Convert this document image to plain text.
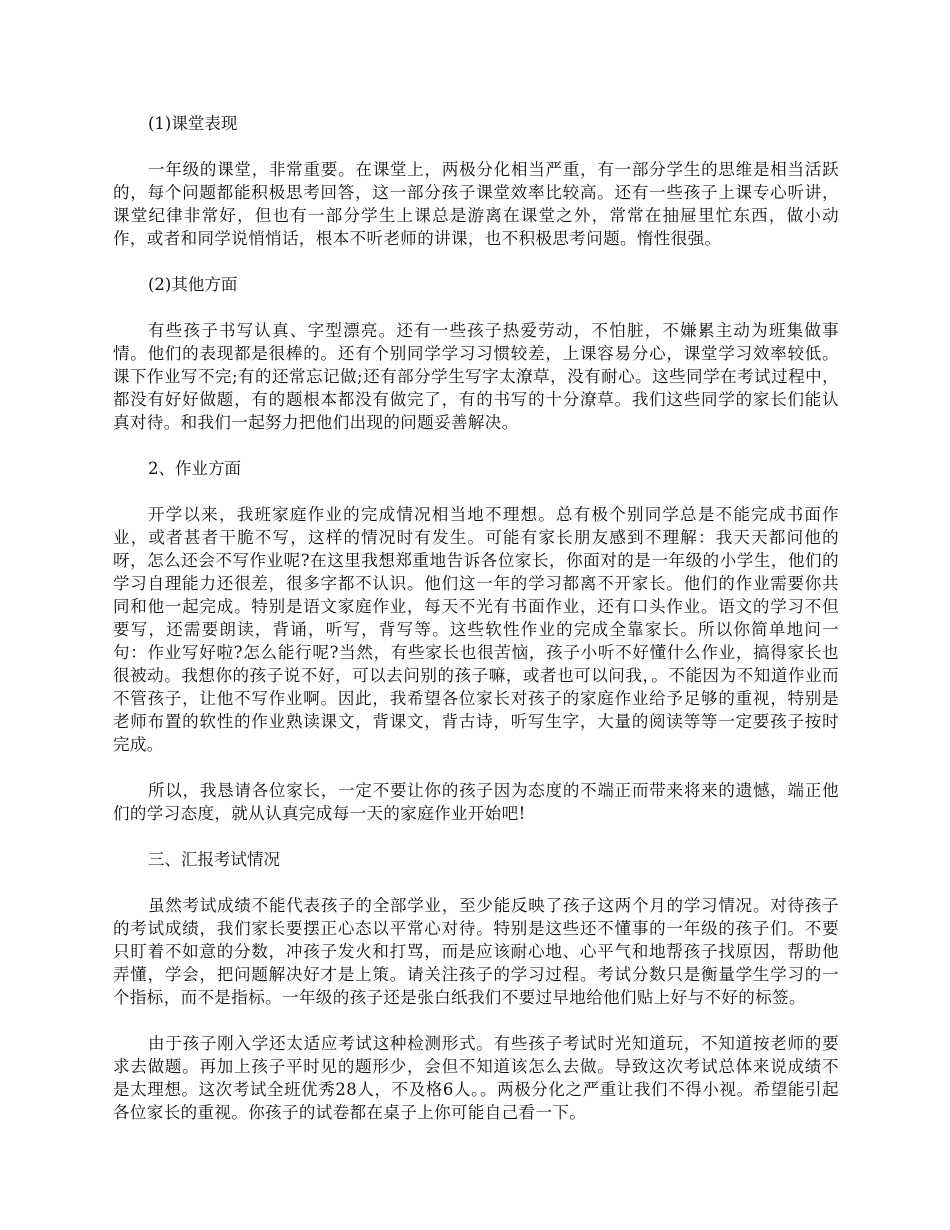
(1)课堂表现
一年级的课堂，非常重要。在课堂上，两极分化相当严重，有一部分学生的思维是相当活跃的，每个问题都能积极思考回答，这一部分孩子课堂效率比较高。还有一些孩子上课专心听讲，课堂纪律非常好，但也有一部分学生上课总是游离在课堂之外，常常在抽屉里忙东西，做小动作，或者和同学说悄悄话，根本不听老师的讲课，也不积极思考问题。惰性很强。
(2)其他方面
有些孩子书写认真、字型漂亮。还有一些孩子热爱劳动，不怕脏，不嫌累主动为班集做事情。他们的表现都是很棒的。还有个别同学学习习惯较差，上课容易分心，课堂学习效率较低。课下作业写不完;有的还常忘记做;还有部分学生写字太潦草，没有耐心。这些同学在考试过程中，都没有好好做题，有的题根本都没有做完了，有的书写的十分潦草。我们这些同学的家长们能认真对待。和我们一起努力把他们出现的问题妥善解决。
2、作业方面
开学以来，我班家庭作业的完成情况相当地不理想。总有极个别同学总是不能完成书面作业，或者甚者干脆不写，这样的情况时有发生。可能有家长朋友感到不理解：我天天都问他的呀，怎么还会不写作业呢?在这里我想郑重地告诉各位家长，你面对的是一年级的小学生，他们的学习自理能力还很差，很多字都不认识。他们这一年的学习都离不开家长。他们的作业需要你共同和他一起完成。特别是语文家庭作业，每天不光有书面作业，还有口头作业。语文的学习不但要写，还需要朗读，背诵，听写，背写等。这些软性作业的完成全靠家长。所以你简单地问一句：作业写好啦?怎么能行呢?当然，有些家长也很苦恼，孩子小听不好懂什么作业，搞得家长也很被动。我想你的孩子说不好，可以去问别的孩子嘛，或者也可以问我，。不能因为不知道作业而不管孩子，让他不写作业啊。因此，我希望各位家长对孩子的家庭作业给予足够的重视，特别是老师布置的软性的作业熟读课文，背课文，背古诗，听写生字，大量的阅读等等一定要孩子按时完成。
所以，我恳请各位家长，一定不要让你的孩子因为态度的不端正而带来将来的遗憾，端正他们的学习态度，就从认真完成每一天的家庭作业开始吧!
三、汇报考试情况
虽然考试成绩不能代表孩子的全部学业，至少能反映了孩子这两个月的学习情况。对待孩子的考试成绩，我们家长要摆正心态以平常心对待。特别是这些还不懂事的一年级的孩子们。不要只盯着不如意的分数，冲孩子发火和打骂，而是应该耐心地、心平气和地帮孩子找原因，帮助他弄懂，学会，把问题解决好才是上策。请关注孩子的学习过程。考试分数只是衡量学生学习的一个指标，而不是指标。一年级的孩子还是张白纸我们不要过早地给他们贴上好与不好的标签。
由于孩子刚入学还太适应考试这种检测形式。有些孩子考试时光知道玩，不知道按老师的要求去做题。再加上孩子平时见的题形少，会但不知道该怎么去做。导致这次考试总体来说成绩不是太理想。这次考试全班优秀28人，不及格6人。。两极分化之严重让我们不得小视。希望能引起各位家长的重视。你孩子的试卷都在桌子上你可能自己看一下。
